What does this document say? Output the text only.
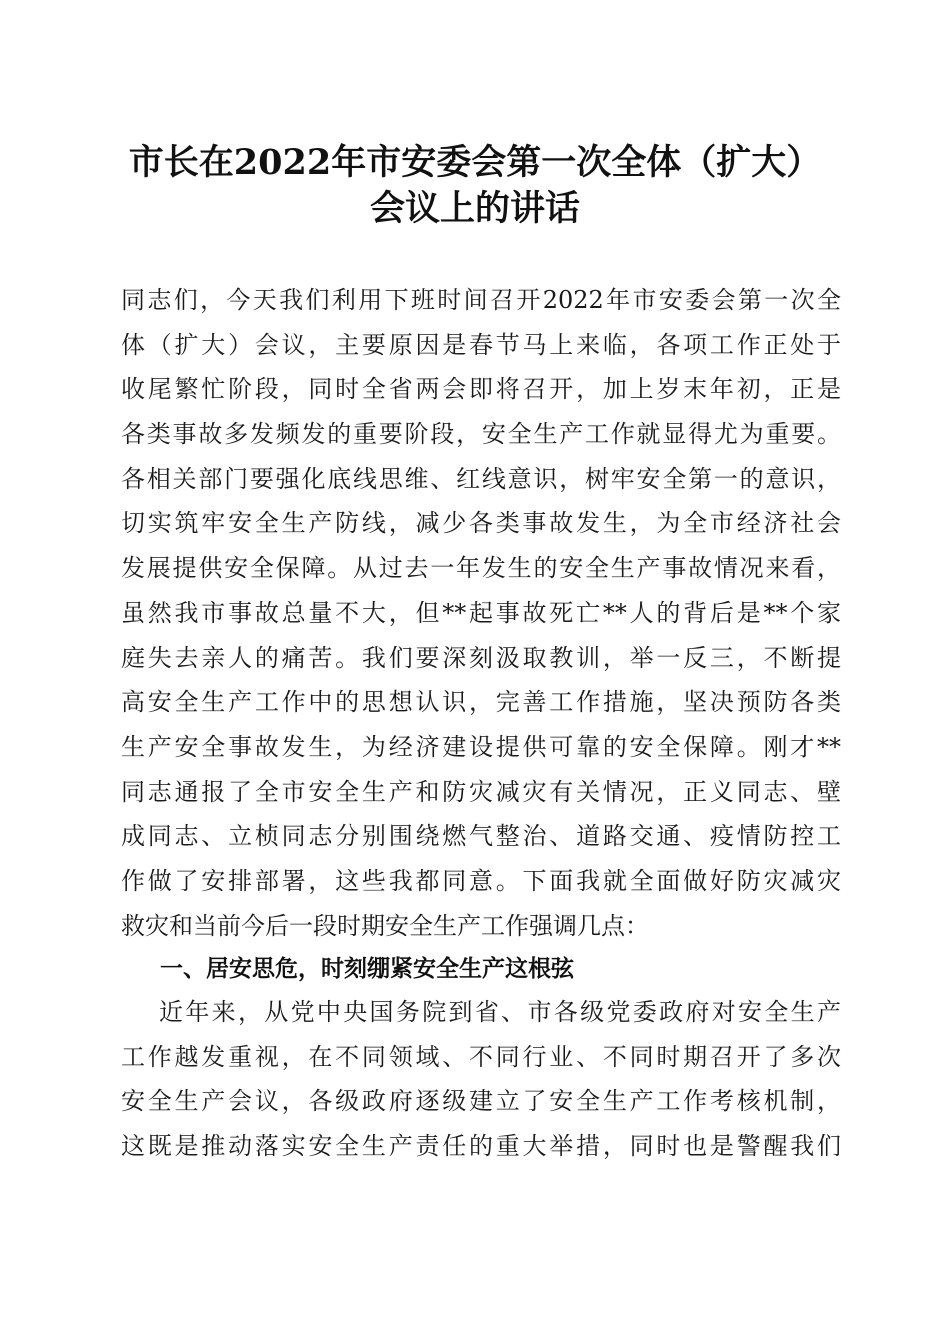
市长在2022年市安委会第一次全体（扩大）
会议上的讲话
同志们，今天我们利用下班时间召开2022年市安委会第一次全
体（扩大）会议，主要原因是春节马上来临，各项工作正处于
收尾繁忙阶段，同时全省两会即将召开，加上岁末年初，正是
各类事故多发频发的重要阶段，安全生产工作就显得尤为重要。
各相关部门要强化底线思维、红线意识，树牢安全第一的意识，
切实筑牢安全生产防线，减少各类事故发生，为全市经济社会
发展提供安全保障。从过去一年发生的安全生产事故情况来看，
虽然我市事故总量不大，但**起事故死亡**人的背后是**个家
庭失去亲人的痛苦。我们要深刻汲取教训，举一反三，不断提
高安全生产工作中的思想认识，完善工作措施，坚决预防各类
生产安全事故发生，为经济建设提供可靠的安全保障。刚才**
同志通报了全市安全生产和防灾减灾有关情况，正义同志、壁
成同志、立桢同志分别围绕燃气整治、道路交通、疫情防控工
作做了安排部署，这些我都同意。下面我就全面做好防灾减灾
救灾和当前今后一段时期安全生产工作强调几点：
一、居安思危，时刻绷紧安全生产这根弦
近年来，从党中央国务院到省、市各级党委政府对安全生产
工作越发重视，在不同领域、不同行业、不同时期召开了多次
安全生产会议，各级政府逐级建立了安全生产工作考核机制，
这既是推动落实安全生产责任的重大举措，同时也是警醒我们
